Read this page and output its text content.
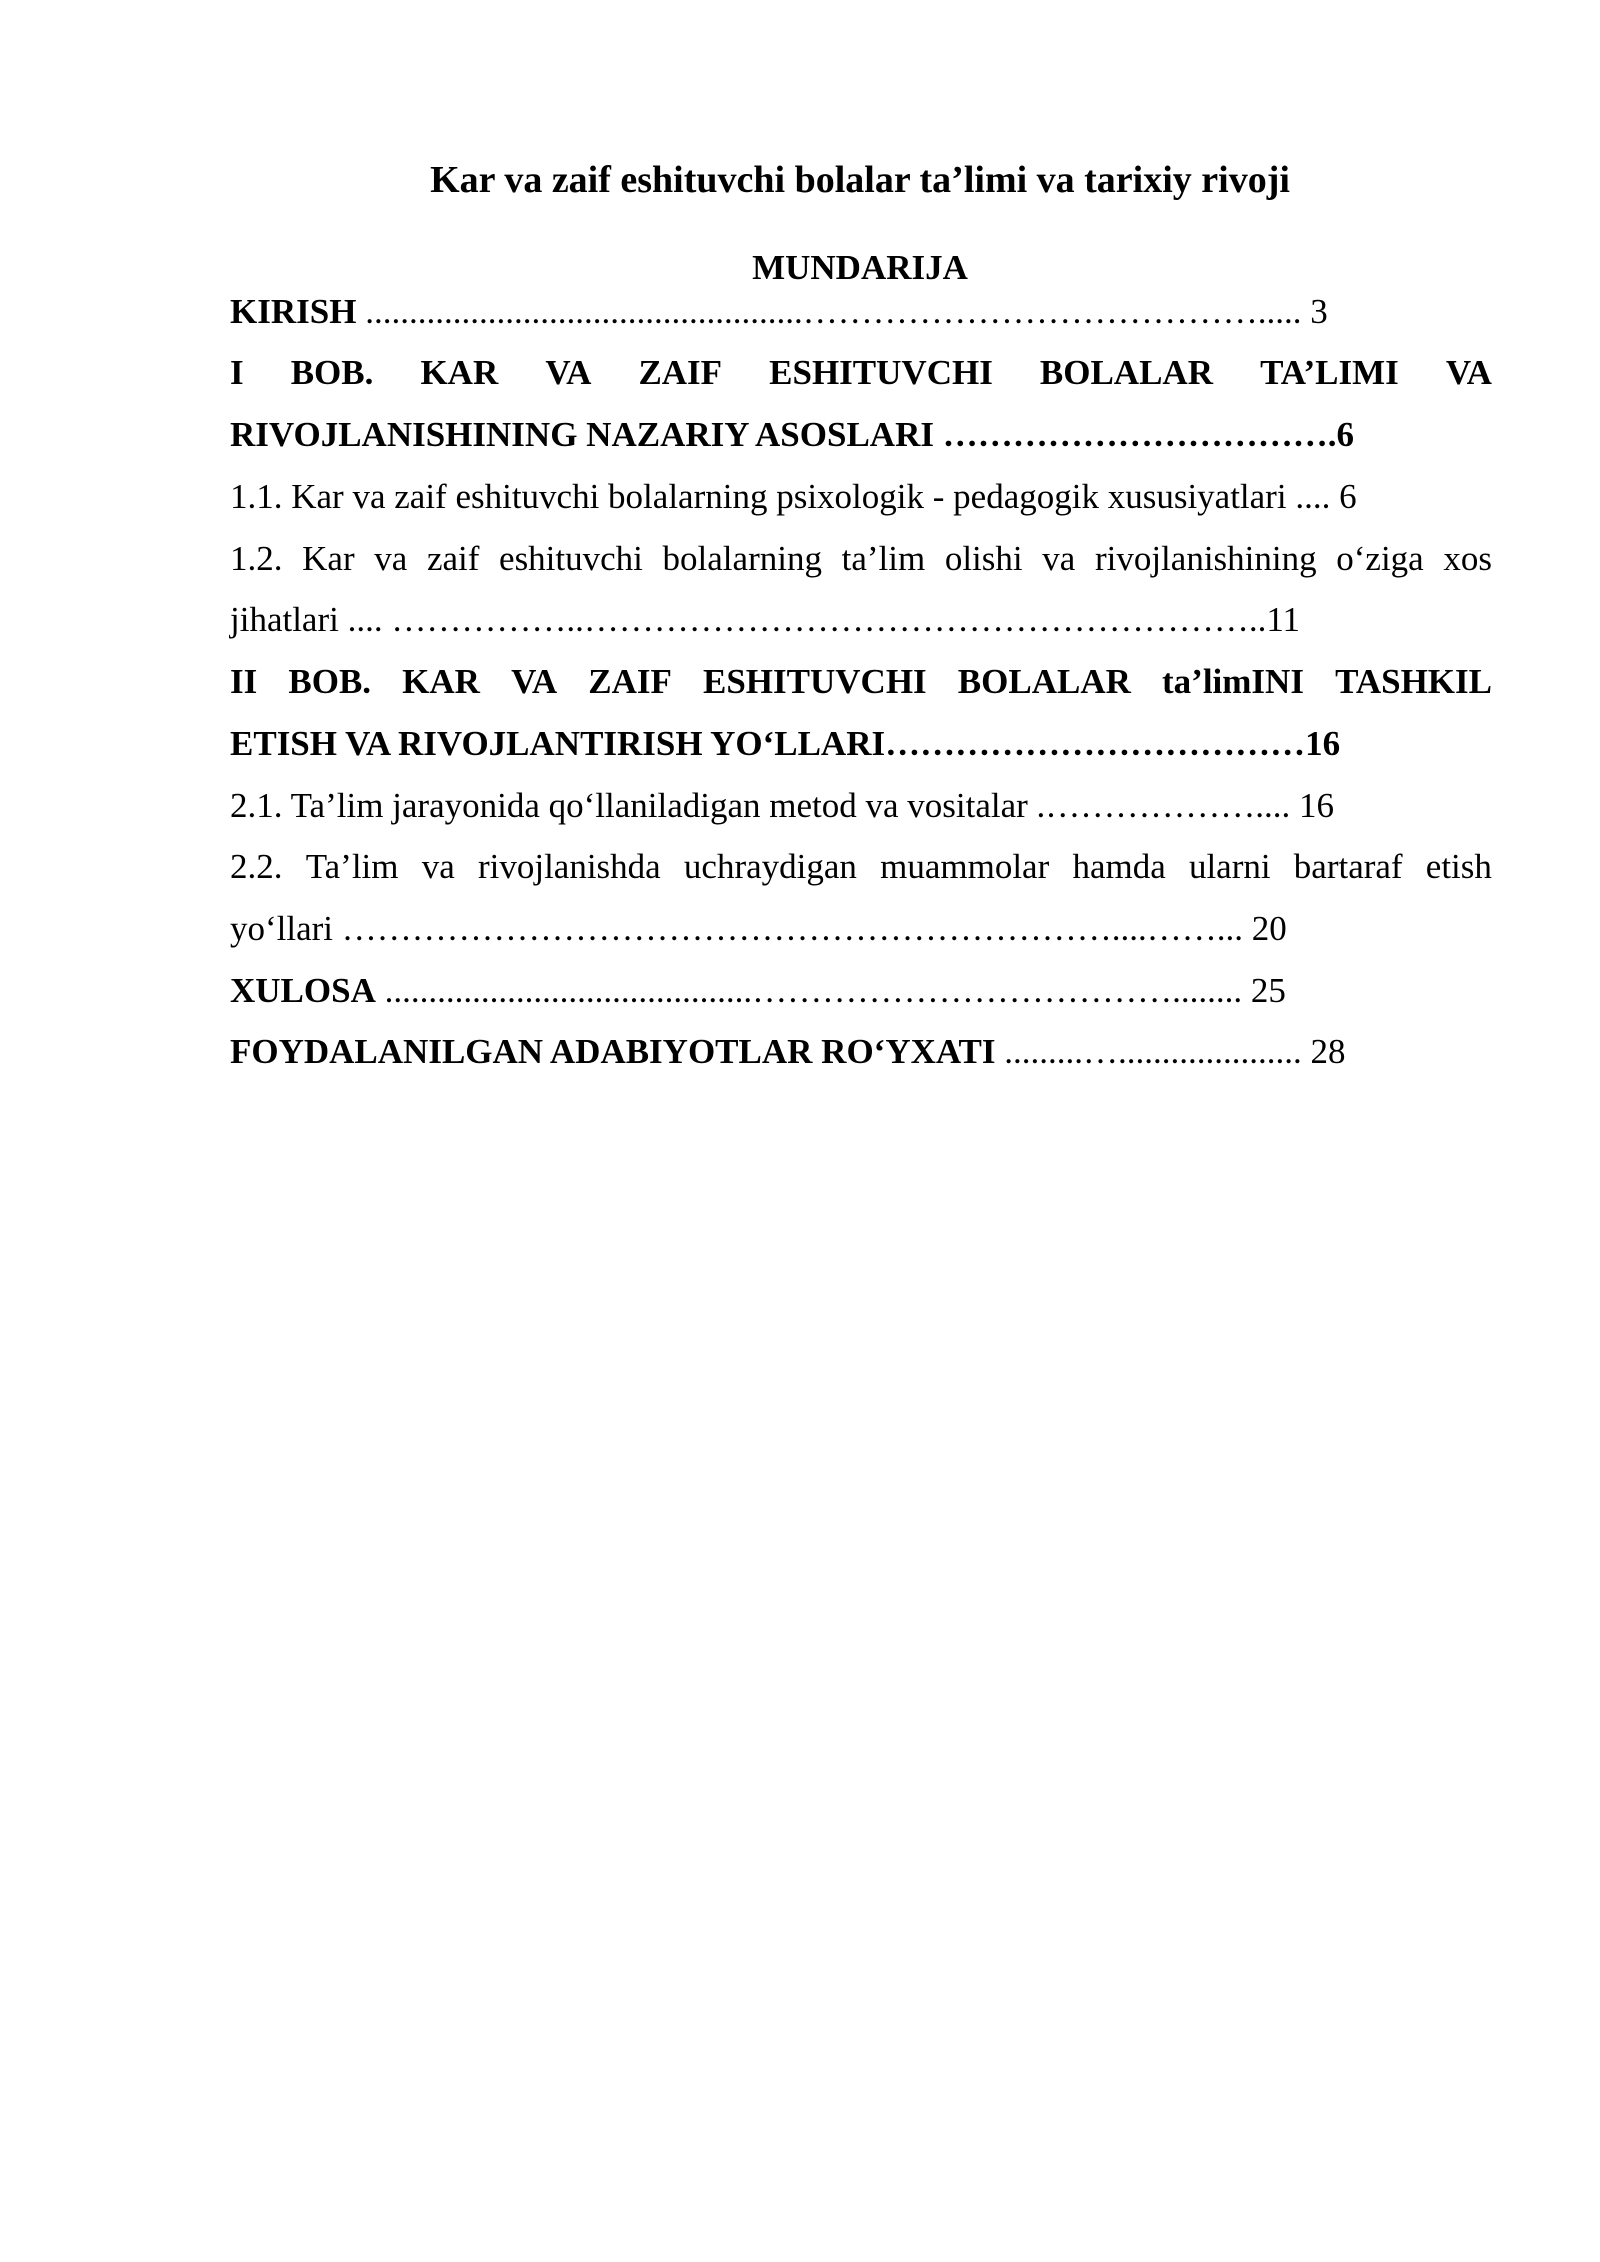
Kar va zaif eshituvchi bolalar ta’limi va tarixiy rivoji
MUNDARIJA
KIRISH ..................................................…………………………………..... 3
I BOB. KAR VA ZAIF ESHITUVCHI BOLALAR TA’LIMI VA
RIVOJLANISHINING NAZARIY ASOSLARI …………………………….6
1.1. Kar va zaif eshituvchi bolalarning psixologik - pedagogik xususiyatlari .... 6
1.2. Kar va zaif eshituvchi bolalarning ta’lim olishi va rivojlanishining o‘ziga xos
jihatlari .... ……………..…………………………………………………..11
II BOB. KAR VA ZAIF ESHITUVCHI BOLALAR ta’limINI TASHKIL
ETISH VA RIVOJLANTIRISH YO‘LLARI………………………………16
2.1. Ta’lim jarayonida qo‘llaniladigan metod va vositalar .……………….... 16
2.2. Ta’lim va rivojlanishda uchraydigan muammolar hamda ularni bartaraf etish
yo‘llari …………………………………………………………....……... 20
XULOSA ..........................................………………………………........ 25
FOYDALANILGAN ADABIYOTLAR RO‘YXATI .........…..................... 28
